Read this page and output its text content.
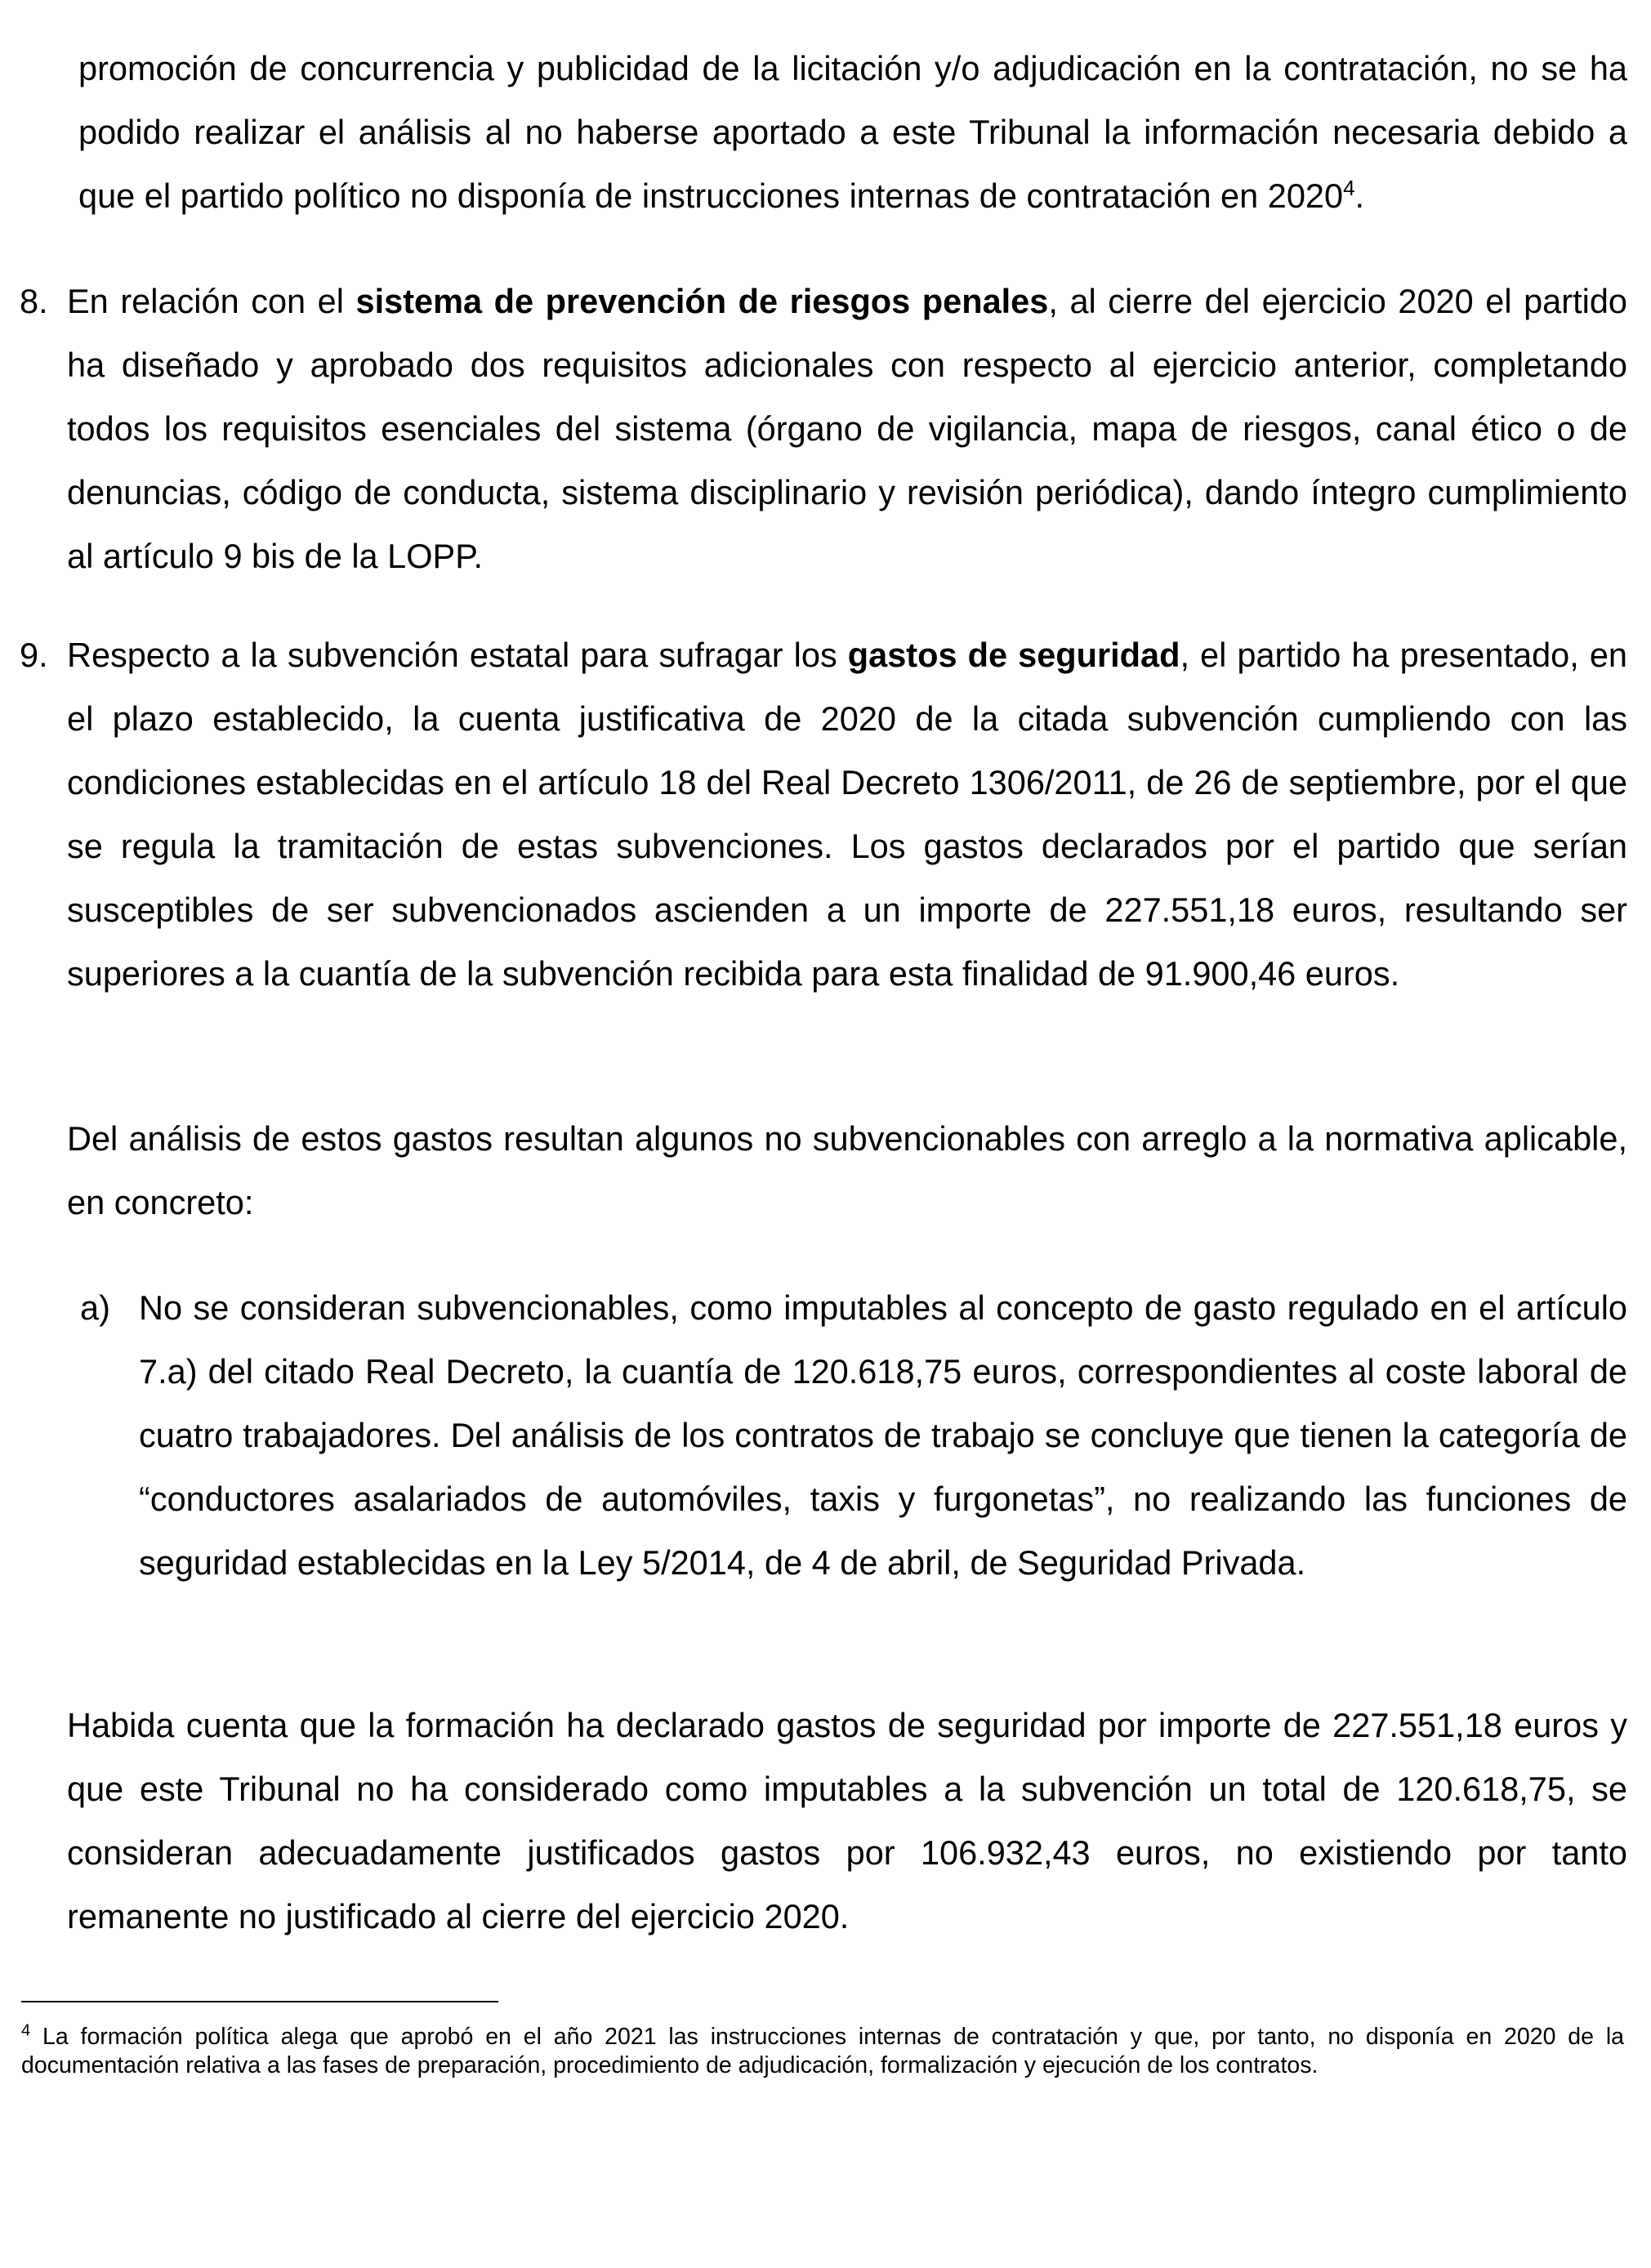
promoción de concurrencia y publicidad de la licitación y/o adjudicación en la contratación, no se ha podido realizar el análisis al no haberse aportado a este Tribunal la información necesaria debido a que el partido político no disponía de instrucciones internas de contratación en 2020$^4$.
8. En relación con el sistema de prevención de riesgos penales, al cierre del ejercicio 2020 el partido ha diseñado y aprobado dos requisitos adicionales con respecto al ejercicio anterior, completando todos los requisitos esenciales del sistema (órgano de vigilancia, mapa de riesgos, canal ético o de denuncias, código de conducta, sistema disciplinario y revisión periódica), dando íntegro cumplimiento al artículo 9 bis de la LOPP.
9. Respecto a la subvención estatal para sufragar los gastos de seguridad, el partido ha presentado, en el plazo establecido, la cuenta justificativa de 2020 de la citada subvención cumpliendo con las condiciones establecidas en el artículo 18 del Real Decreto 1306/2011, de 26 de septiembre, por el que se regula la tramitación de estas subvenciones. Los gastos declarados por el partido que serían susceptibles de ser subvencionados ascienden a un importe de 227.551,18 euros, resultando ser superiores a la cuantía de la subvención recibida para esta finalidad de 91.900,46 euros.
Del análisis de estos gastos resultan algunos no subvencionables con arreglo a la normativa aplicable, en concreto:
a) No se consideran subvencionables, como imputables al concepto de gasto regulado en el artículo 7.a) del citado Real Decreto, la cuantía de 120.618,75 euros, correspondientes al coste laboral de cuatro trabajadores. Del análisis de los contratos de trabajo se concluye que tienen la categoría de “conductores asalariados de automóviles, taxis y furgonetas”, no realizando las funciones de seguridad establecidas en la Ley 5/2014, de 4 de abril, de Seguridad Privada.
Habida cuenta que la formación ha declarado gastos de seguridad por importe de 227.551,18 euros y que este Tribunal no ha considerado como imputables a la subvención un total de 120.618,75, se consideran adecuadamente justificados gastos por 106.932,43 euros, no existiendo por tanto remanente no justificado al cierre del ejercicio 2020.
$^4$ La formación política alega que aprobó en el año 2021 las instrucciones internas de contratación y que, por tanto, no disponía en 2020 de la documentación relativa a las fases de preparación, procedimiento de adjudicación, formalización y ejecución de los contratos.
